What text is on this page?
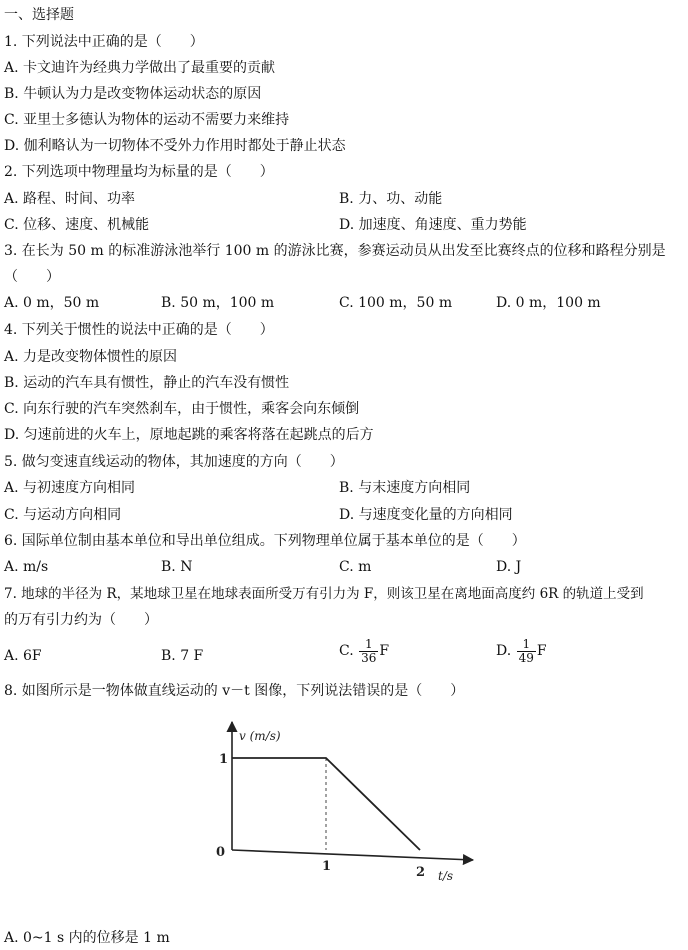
一、选择题
1. 下列说法中正确的是（　　）
A. 卡文迪许为经典力学做出了最重要的贡献
B. 牛顿认为力是改变物体运动状态的原因
C. 亚里士多德认为物体的运动不需要力来维持
D. 伽利略认为一切物体不受外力作用时都处于静止状态
2. 下列选项中物理量均为标量的是（　　）
A. 路程、时间、功率	B. 力、功、动能
C. 位移、速度、机械能	D. 加速度、角速度、重力势能
3. 在长为 50 m 的标准游泳池举行 100 m 的游泳比赛，参赛运动员从出发至比赛终点的位移和路程分别是
（　　）
A. 0 m，50 m	B. 50 m，100 m	C. 100 m，50 m	D. 0 m，100 m
4. 下列关于惯性的说法中正确的是（　　）
A. 力是改变物体惯性的原因
B. 运动的汽车具有惯性，静止的汽车没有惯性
C. 向东行驶的汽车突然刹车，由于惯性，乘客会向东倾倒
D. 匀速前进的火车上，原地起跳的乘客将落在起跳点的后方
5. 做匀变速直线运动的物体，其加速度的方向（　　）
A. 与初速度方向相同	B. 与末速度方向相同
C. 与运动方向相同	D. 与速度变化量的方向相同
6. 国际单位制由基本单位和导出单位组成。下列物理单位属于基本单位的是（　　）
A. m/s	B. N	C. m	D. J
7. 地球的半径为 R，某地球卫星在地球表面所受万有引力为 F，则该卫星在离地面高度约 6R 的轨道上受到
的万有引力约为（　　）
A. 6F	B. 7 F	C. $\frac{1}{36}$ F	D. $\frac{1}{49}$ F
8. 如图所示是一物体做直线运动的 v－t 图像，下列说法错误的是（　　）
v (m/s)
t/s
0
1
1	2
A. 0~1 s 内的位移是 1 m
